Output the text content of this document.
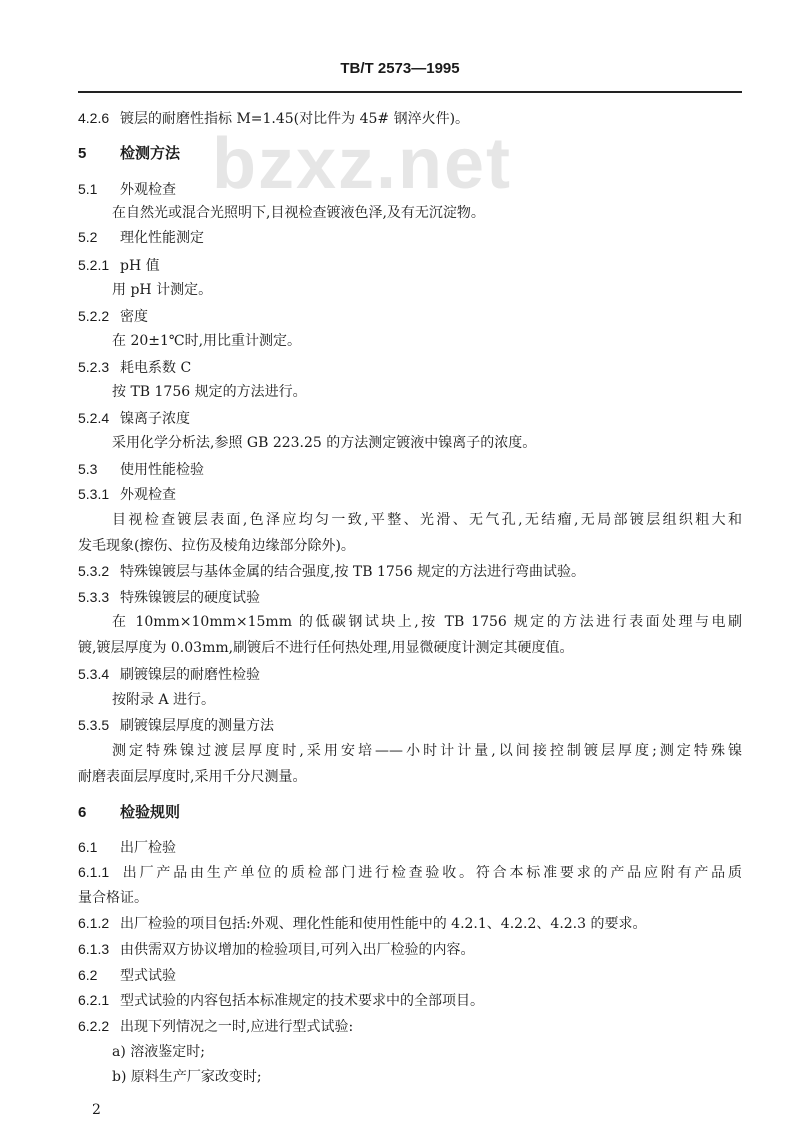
TB/T 2573—1995
bzxz.net
4.2.6 镀层的耐磨性指标 M=1.45(对比件为 45# 钢淬火件)。
5 检测方法
5.1 外观检查
在自然光或混合光照明下,目视检查镀液色泽,及有无沉淀物。
5.2 理化性能测定
5.2.1 pH 值
用 pH 计测定。
5.2.2 密度
在 20±1℃时,用比重计测定。
5.2.3 耗电系数 C
按 TB 1756 规定的方法进行。
5.2.4 镍离子浓度
采用化学分析法,参照 GB 223.25 的方法测定镀液中镍离子的浓度。
5.3 使用性能检验
5.3.1 外观检查
目视检查镀层表面,色泽应均匀一致,平整、光滑、无气孔,无结瘤,无局部镀层组织粗大和
发毛现象(擦伤、拉伤及棱角边缘部分除外)。
5.3.2 特殊镍镀层与基体金属的结合强度,按 TB 1756 规定的方法进行弯曲试验。
5.3.3 特殊镍镀层的硬度试验
在 10mm×10mm×15mm 的低碳钢试块上,按 TB 1756 规定的方法进行表面处理与电刷
镀,镀层厚度为 0.03mm,刷镀后不进行任何热处理,用显微硬度计测定其硬度值。
5.3.4 刷镀镍层的耐磨性检验
按附录 A 进行。
5.3.5 刷镀镍层厚度的测量方法
测定特殊镍过渡层厚度时,采用安培——小时计计量,以间接控制镀层厚度;测定特殊镍
耐磨表面层厚度时,采用千分尺测量。
6 检验规则
6.1 出厂检验
6.1.1 出厂产品由生产单位的质检部门进行检查验收。符合本标准要求的产品应附有产品质
量合格证。
6.1.2 出厂检验的项目包括:外观、理化性能和使用性能中的 4.2.1、4.2.2、4.2.3 的要求。
6.1.3 由供需双方协议增加的检验项目,可列入出厂检验的内容。
6.2 型式试验
6.2.1 型式试验的内容包括本标准规定的技术要求中的全部项目。
6.2.2 出现下列情况之一时,应进行型式试验:
a) 溶液鉴定时;
b) 原料生产厂家改变时;
2
